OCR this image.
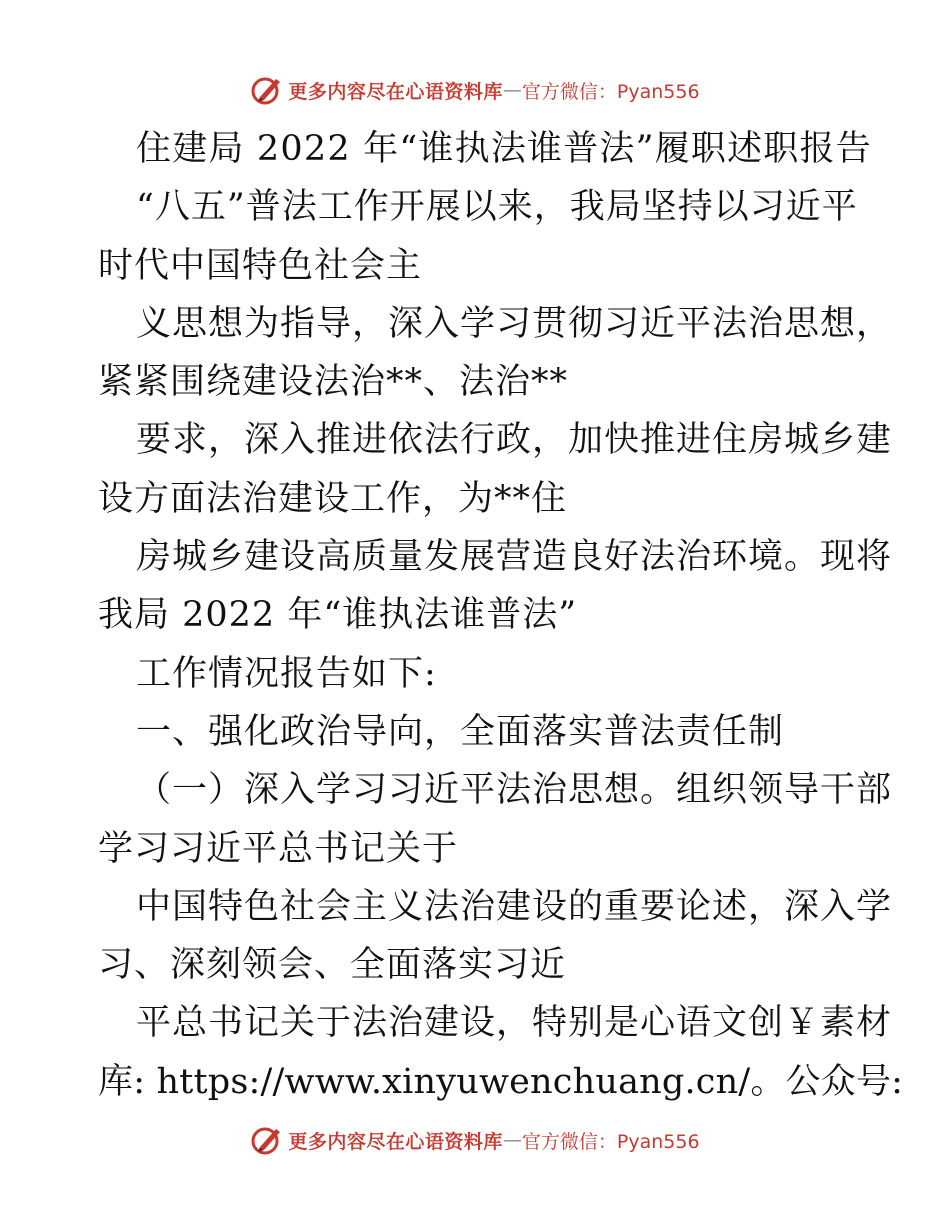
更多内容尽在心语资料库 — 官方微信：Pyan556
住建局 2022 年“谁执法谁普法”履职述职报告
“八五”普法工作开展以来，我局坚持以习近平
时代中国特色社会主
义思想为指导，深入学习贯彻习近平法治思想，
紧紧围绕建设法治**、法治**
要求，深入推进依法行政，加快推进住房城乡建
设方面法治建设工作，为**住
房城乡建设高质量发展营造良好法治环境。现将
我局 2022 年“谁执法谁普法”
工作情况报告如下:
一、强化政治导向，全面落实普法责任制
（一）深入学习习近平法治思想。组织领导干部
学习习近平总书记关于
中国特色社会主义法治建设的重要论述，深入学
习、深刻领会、全面落实习近
平总书记关于法治建设，特别是心语文创￥素材
库: https://www.xinyuwenchuang.cn/。公众号:
更多内容尽在心语资料库 — 官方微信：Pyan556
